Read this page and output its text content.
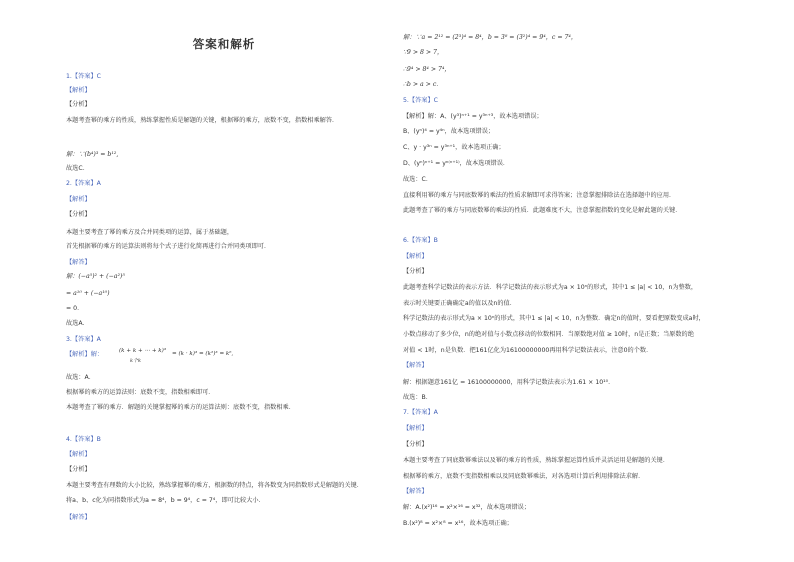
答案和解析
1.【答案】C
【解析】
【分析】
本题考查幂的乘方的性质，熟练掌握性质是解题的关键，根据幂的乘方，底数不变，指数相乘解答．
解：∵(b⁴)³ = b¹²,
故选C．
2.【答案】A
【解析】
【分析】
本题主要考查了幂的乘方及合并同类项的运算，属于基础题，
首先根据幂的乘方的运算法则将每个式子进行化简再进行合并同类项即可．
【解答】
解：(−a⁵)² + (−a²)⁵
= a¹⁰ + (−a¹⁰)
= 0．
故选A．
3.【答案】A
【解析】解：
故选：A．
根据幂的乘方的运算法则：底数不变，指数相乘即可．
本题考查了幂的乘方．解题的关键掌握幂的乘方的运算法则：底数不变，指数相乘．
4.【答案】B
【解析】
【分析】
本题主要考查有理数的大小比较，熟练掌握幂的乘方，根据数的特点，将各数变为同指数形式是解题的关键．
将a、b、c化为同指数形式为a = 8⁴，b = 9⁴，c = 7⁴，即可比较大小．
【解答】
解：∵a = 2¹² = (2³)⁴ = 8⁴，b = 3⁸ = (3²)⁴ = 9⁴，c = 7⁴，
∵9 > 8 > 7，
∴9⁴ > 8⁴ > 7⁴，
∴b > a > c．
5.【答案】C
【解析】解：A、(y³)ⁿ⁺¹ = y³ⁿ⁺³，故本选项错误；
B、(yⁿ)⁴ = y⁴ⁿ，故本选项错误；
C、y · y³ⁿ = y³ⁿ⁺¹，故本选项正确；
D、(yⁿ)ⁿ⁺¹ = yⁿ⁽ⁿ⁺¹⁾，故本选项错误．
故选：C．
直接利用幂的乘方与同底数幂的乘法的性质求解即可求得答案；注意掌握排除法在选择题中的应用．
此题考查了幂的乘方与同底数幂的乘法的性质．此题难度不大，注意掌握指数的变化是解此题的关键．
6.【答案】B
【解析】
【分析】
此题考查科学记数法的表示方法．科学记数法的表示形式为a × 10ⁿ的形式，其中1 ≤ |a| < 10，n为整数，
表示时关键要正确确定a的值以及n的值．
科学记数法的表示形式为a × 10ⁿ的形式，其中1 ≤ |a| < 10，n为整数．确定n的值时，要看把原数变成a时，
小数点移动了多少位，n的绝对值与小数点移动的位数相同．当原数绝对值 ≥ 10时，n是正数；当原数的绝
对值 < 1时，n是负数．把161亿化为16100000000再用科学记数法表示，注意0的个数．
【解答】
解：根据题意161亿 = 16100000000，用科学记数法表示为1.61 × 10¹⁰．
故选：B．
7.【答案】A
【解析】
【分析】
本题主要考查了同底数幂乘法以及幂的乘方的性质，熟练掌握运算性质并灵活运用是解题的关键．
根据幂的乘方，底数不变指数相乘以及同底数幂乘法，对各选项计算后利用排除法求解．
【解答】
解：A.(x²)¹⁶ = x²×¹⁶ = x³²，故本选项错误；
B.(x²)⁸ = x²×⁸ = x¹⁶，故本选项正确；
(k + k + ⋯ + k)³ = (k · k)³ = (k²)³ = k⁶,
k个k
